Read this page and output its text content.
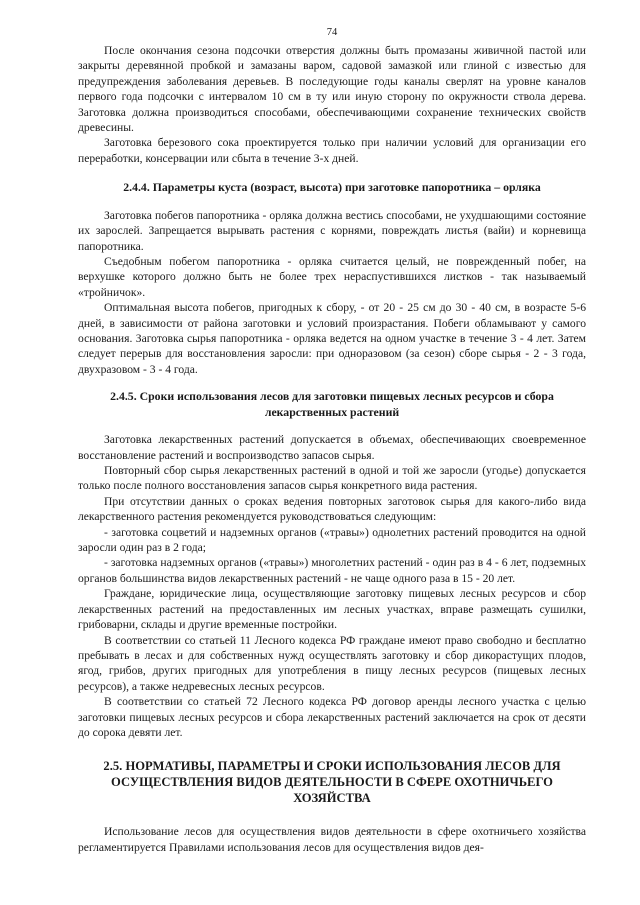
74

После окончания сезона подсочки отверстия должны быть промазаны живичной пастой или закрыты деревянной пробкой и замазаны варом, садовой замазкой или глиной с известью для предупреждения заболевания деревьев. В последующие годы каналы сверлят на уровне каналов первого года подсочки с интервалом 10 см в ту или иную сторону по окружности ствола дерева. Заготовка должна производиться способами, обеспечивающими сохранение технических свойств древесины.

Заготовка березового сока проектируется только при наличии условий для организации его переработки, консервации или сбыта в течение 3-х дней.

2.4.4. Параметры куста (возраст, высота) при заготовке папоротника – орляка

Заготовка побегов папоротника - орляка должна вестись способами, не ухудшающими состояние их зарослей. Запрещается вырывать растения с корнями, повреждать листья (вайи) и корневища папоротника.

Съедобным побегом папоротника - орляка считается целый, не поврежденный побег, на верхушке которого должно быть не более трех нераспустившихся листков - так называемый «тройничок».

Оптимальная высота побегов, пригодных к сбору, - от 20 - 25 см до 30 - 40 см, в возрасте 5-6 дней, в зависимости от района заготовки и условий произрастания. Побеги обламывают у самого основания. Заготовка сырья папоротника - орляка ведется на одном участке в течение 3 - 4 лет. Затем следует перерыв для восстановления заросли: при одноразовом (за сезон) сборе сырья - 2 - 3 года, двухразовом - 3 - 4 года.

2.4.5. Сроки использования лесов для заготовки пищевых лесных ресурсов и сбора лекарственных растений

Заготовка лекарственных растений допускается в объемах, обеспечивающих своевременное восстановление растений и воспроизводство запасов сырья.

Повторный сбор сырья лекарственных растений в одной и той же заросли (угодье) допускается только после полного восстановления запасов сырья конкретного вида растения.

При отсутствии данных о сроках ведения повторных заготовок сырья для какого-либо вида лекарственного растения рекомендуется руководствоваться следующим:

- заготовка соцветий и надземных органов («травы») однолетних растений проводится на одной заросли один раз в 2 года;

- заготовка надземных органов («травы») многолетних растений - один раз в 4 - 6 лет, подземных органов большинства видов лекарственных растений - не чаще одного раза в 15 - 20 лет.

Граждане, юридические лица, осуществляющие заготовку пищевых лесных ресурсов и сбор лекарственных растений на предоставленных им лесных участках, вправе размещать сушилки, грибоварни, склады и другие временные постройки.

В соответствии со статьей 11 Лесного кодекса РФ граждане имеют право свободно и бесплатно пребывать в лесах и для собственных нужд осуществлять заготовку и сбор дикорастущих плодов, ягод, грибов, других пригодных для употребления в пищу лесных ресурсов (пищевых лесных ресурсов), а также недревесных лесных ресурсов.

В соответствии со статьей 72 Лесного кодекса РФ договор аренды лесного участка с целью заготовки пищевых лесных ресурсов и сбора лекарственных растений заключается на срок от десяти до сорока девяти лет.

2.5. НОРМАТИВЫ, ПАРАМЕТРЫ И СРОКИ ИСПОЛЬЗОВАНИЯ ЛЕСОВ ДЛЯ ОСУЩЕСТВЛЕНИЯ ВИДОВ ДЕЯТЕЛЬНОСТИ В СФЕРЕ ОХОТНИЧЬЕГО ХОЗЯЙСТВА

Использование лесов для осуществления видов деятельности в сфере охотничьего хозяйства регламентируется Правилами использования лесов для осуществления видов дея-
